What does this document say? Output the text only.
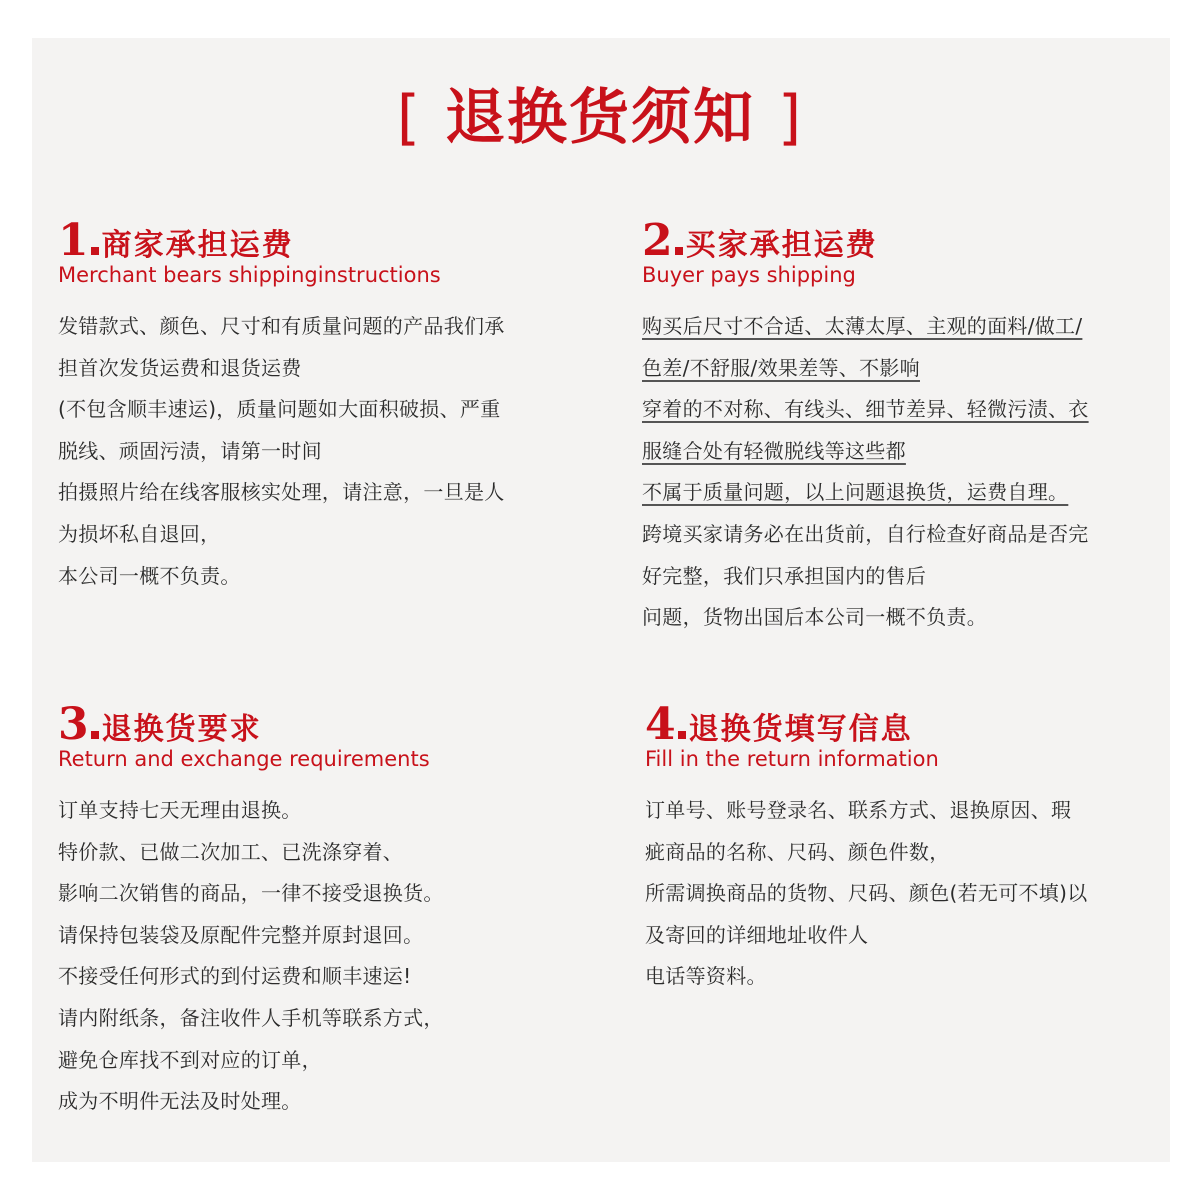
[ 退换货须知 ]
1 商家承担运费
Merchant bears shippinginstructions
发错款式、颜色、尺寸和有质量问题的产品我们承
担首次发货运费和退货运费
(不包含顺丰速运)，质量问题如大面积破损、严重
脱线、顽固污渍，请第一时间
拍摄照片给在线客服核实处理，请注意，一旦是人
为损坏私自退回，
本公司一概不负责。
2 买家承担运费
Buyer pays shipping
购买后尺寸不合适、太薄太厚、主观的面料/做工/
色差/不舒服/效果差等、不影响
穿着的不对称、有线头、细节差异、轻微污渍、衣
服缝合处有轻微脱线等这些都
不属于质量问题，以上问题退换货，运费自理。
跨境买家请务必在出货前，自行检查好商品是否完
好完整，我们只承担国内的售后
问题，货物出国后本公司一概不负责。
3 退换货要求
Return and exchange requirements
订单支持七天无理由退换。
特价款、已做二次加工、已洗涤穿着、
影响二次销售的商品，一律不接受退换货。
请保持包装袋及原配件完整并原封退回。
不接受任何形式的到付运费和顺丰速运!
请内附纸条，备注收件人手机等联系方式，
避免仓库找不到对应的订单，
成为不明件无法及时处理。
4 退换货填写信息
Fill in the return information
订单号、账号登录名、联系方式、退换原因、瑕
疵商品的名称、尺码、颜色件数，
所需调换商品的货物、尺码、颜色(若无可不填)以
及寄回的详细地址收件人
电话等资料。
